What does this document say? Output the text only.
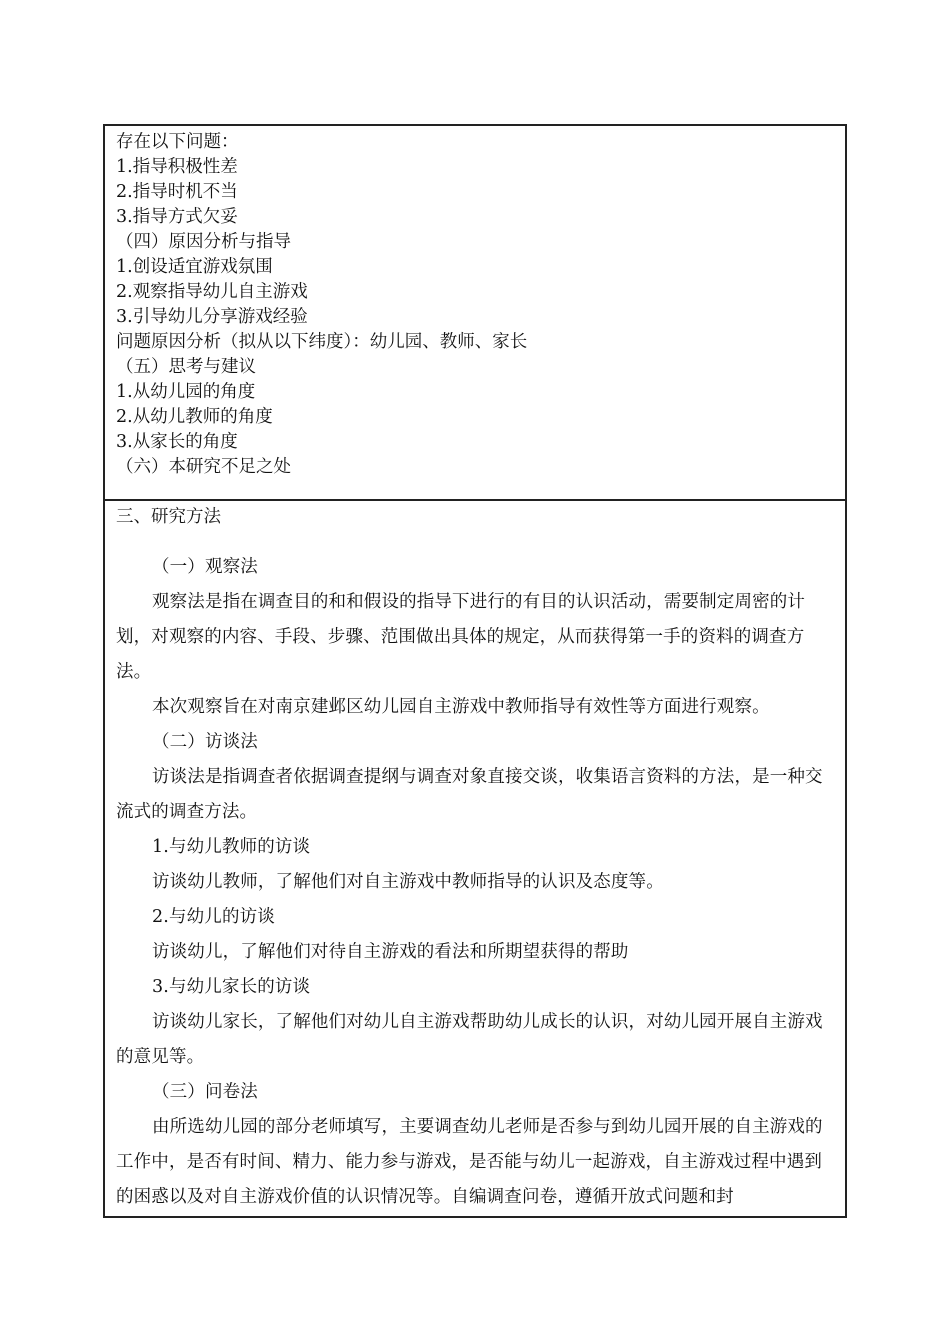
存在以下问题：

1.指导积极性差

2.指导时机不当

3.指导方式欠妥

（四）原因分析与指导

1.创设适宜游戏氛围

2.观察指导幼儿自主游戏

3.引导幼儿分享游戏经验

问题原因分析（拟从以下纬度）：幼儿园、教师、家长

（五）思考与建议

1.从幼儿园的角度

2.从幼儿教师的角度

3.从家长的角度

（六）本研究不足之处

三、研究方法

（一）观察法

观察法是指在调查目的和和假设的指导下进行的有目的认识活动，需要制定周密的计划，对观察的内容、手段、步骤、范围做出具体的规定，从而获得第一手的资料的调查方法。

本次观察旨在对南京建邺区幼儿园自主游戏中教师指导有效性等方面进行观察。

（二）访谈法

访谈法是指调查者依据调查提纲与调查对象直接交谈，收集语言资料的方法，是一种交流式的调查方法。

1.与幼儿教师的访谈

访谈幼儿教师，了解他们对自主游戏中教师指导的认识及态度等。

2.与幼儿的访谈

访谈幼儿，了解他们对待自主游戏的看法和所期望获得的帮助

3.与幼儿家长的访谈

访谈幼儿家长，了解他们对幼儿自主游戏帮助幼儿成长的认识，对幼儿园开展自主游戏的意见等。

（三）问卷法

由所选幼儿园的部分老师填写，主要调查幼儿老师是否参与到幼儿园开展的自主游戏的工作中，是否有时间、精力、能力参与游戏，是否能与幼儿一起游戏，自主游戏过程中遇到的困惑以及对自主游戏价值的认识情况等。自编调查问卷，遵循开放式问题和封
